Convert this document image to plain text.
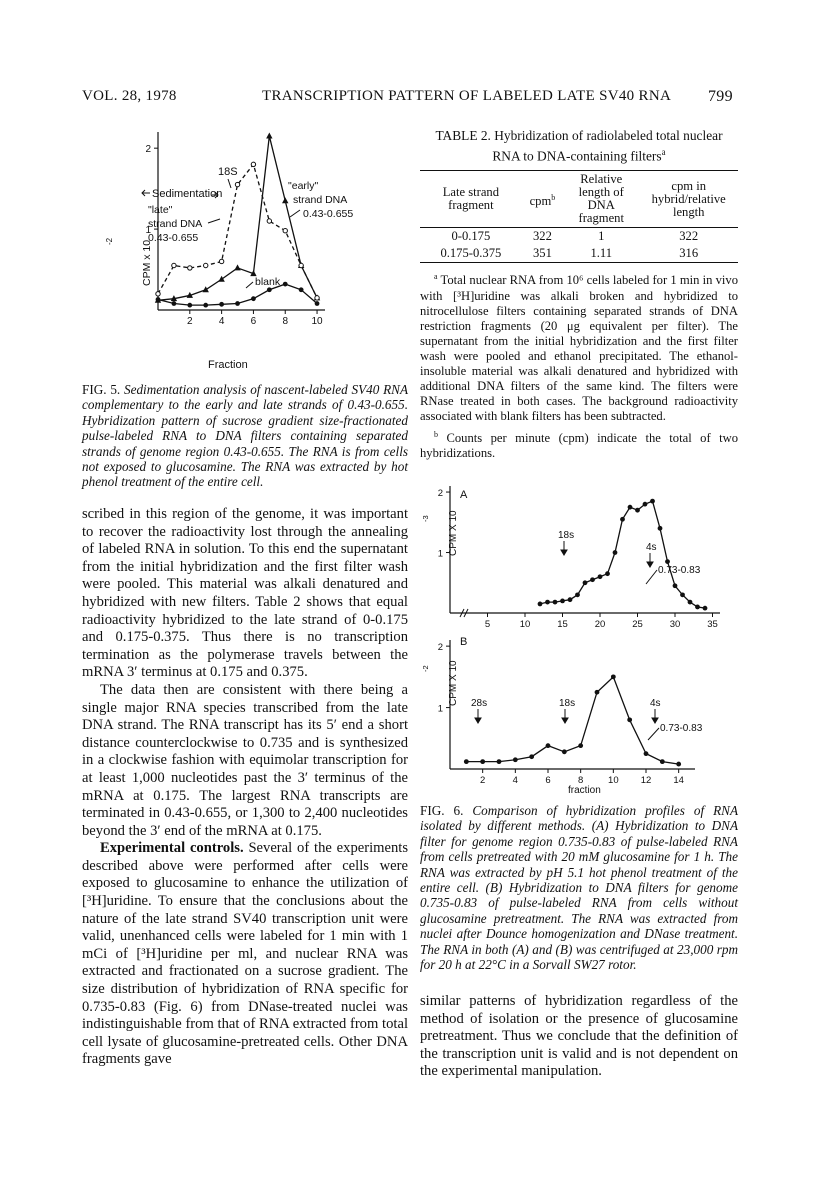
VOL. 28, 1978	TRANSCRIPTION PATTERN OF LABELED LATE SV40 RNA 799
2	4	6	8 10
1
2
CPM x 10
-2
Fraction
18S
Sedimentation
"late"
strand DNA
0.43-0.655
"early"
strand DNA
0.43-0.655
blank
FIG. 5. Sedimentation analysis of nascent-labeled SV40 RNA complementary to the early and late strands of 0.43-0.655. Hybridization pattern of sucrose gradient size-fractionated pulse-labeled RNA to DNA filters containing separated strands of genome region 0.43-0.655. The RNA is from cells not exposed to glucosamine. The RNA was extracted by hot phenol treatment of the entire cell.

scribed in this region of the genome, it was important to recover the radioactivity lost through the annealing of labeled RNA in solution. To this end the supernatant from the initial hybridization and the first filter wash were pooled. This material was alkali denatured and hybridized with new filters. Table 2 shows that equal radioactivity hybridized to the late strand of 0-0.175 and 0.175-0.375. Thus there is no transcription termination as the polymerase travels between the mRNA 3′ terminus at 0.175 and 0.375.

The data then are consistent with there being a single major RNA species transcribed from the late DNA strand. The RNA transcript has its 5′ end a short distance counterclockwise to 0.735 and is synthesized in a clockwise fashion with equimolar transcription for at least 1,000 nucleotides past the 3′ terminus of the mRNA at 0.175. The largest RNA transcripts are terminated in 0.43-0.655, or 1,300 to 2,400 nucleotides beyond the 3′ end of the mRNA at 0.175.

Experimental controls. Several of the experiments described above were performed after cells were exposed to glucosamine to enhance the utilization of [³H]uridine. To ensure that the conclusions about the nature of the late strand SV40 transcription unit were valid, unenhanced cells were labeled for 1 min with 1 mCi of [³H]uridine per ml, and nuclear RNA was extracted and fractionated on a sucrose gradient. The size distribution of hybridization of RNA specific for 0.735-0.83 (Fig. 6) from DNase-treated nuclei was indistinguishable from that of RNA extracted from total cell lysate of glucosamine-pretreated cells. Other DNA fragments gave

TABLE 2. Hybridization of radiolabeled total nuclear RNA to DNA-containing filters$^a$
Late strand fragment	cpm$^b$	Relative length of DNA fragment	cpm in hybrid/relative length
0-0.175	322	1	322
0.175-0.375	351	1.11	316

$^a$ Total nuclear RNA from 10⁶ cells labeled for 1 min in vivo with [³H]uridine was alkali broken and hybridized to nitrocellulose filters containing separated strands of DNA restriction fragments (20 μg equivalent per filter). The supernatant from the initial hybridization and the first filter wash were pooled and ethanol precipitated. The ethanol-insoluble material was alkali denatured and hybridized with additional DNA filters of the same kind. The filters were RNase treated in both cases. The background radioactivity associated with blank filters has been subtracted.

$^b$ Counts per minute (cpm) indicate the total of two hybridizations.

5	10	15	20	25	30	35
1
2
2	4	6	8	10 12 14
1
2
A
B
CPM X 10
-3
CPM X 10
-2
fraction
18s
4s
0.73-0.83
28s	18s	4s
0.73-0.83
FIG. 6. Comparison of hybridization profiles of RNA isolated by different methods. (A) Hybridization to DNA filter for genome region 0.735-0.83 of pulse-labeled RNA from cells pretreated with 20 mM glucosamine for 1 h. The RNA was extracted by pH 5.1 hot phenol treatment of the entire cell. (B) Hybridization to DNA filters for genome 0.735-0.83 of pulse-labeled RNA from cells without glucosamine pretreatment. The RNA was extracted from nuclei after Dounce homogenization and DNase treatment. The RNA in both (A) and (B) was centrifuged at 23,000 rpm for 20 h at 22°C in a Sorvall SW27 rotor.

similar patterns of hybridization regardless of the method of isolation or the presence of glucosamine pretreatment. Thus we conclude that the definition of the transcription unit is valid and is not dependent on the experimental manipulation.
